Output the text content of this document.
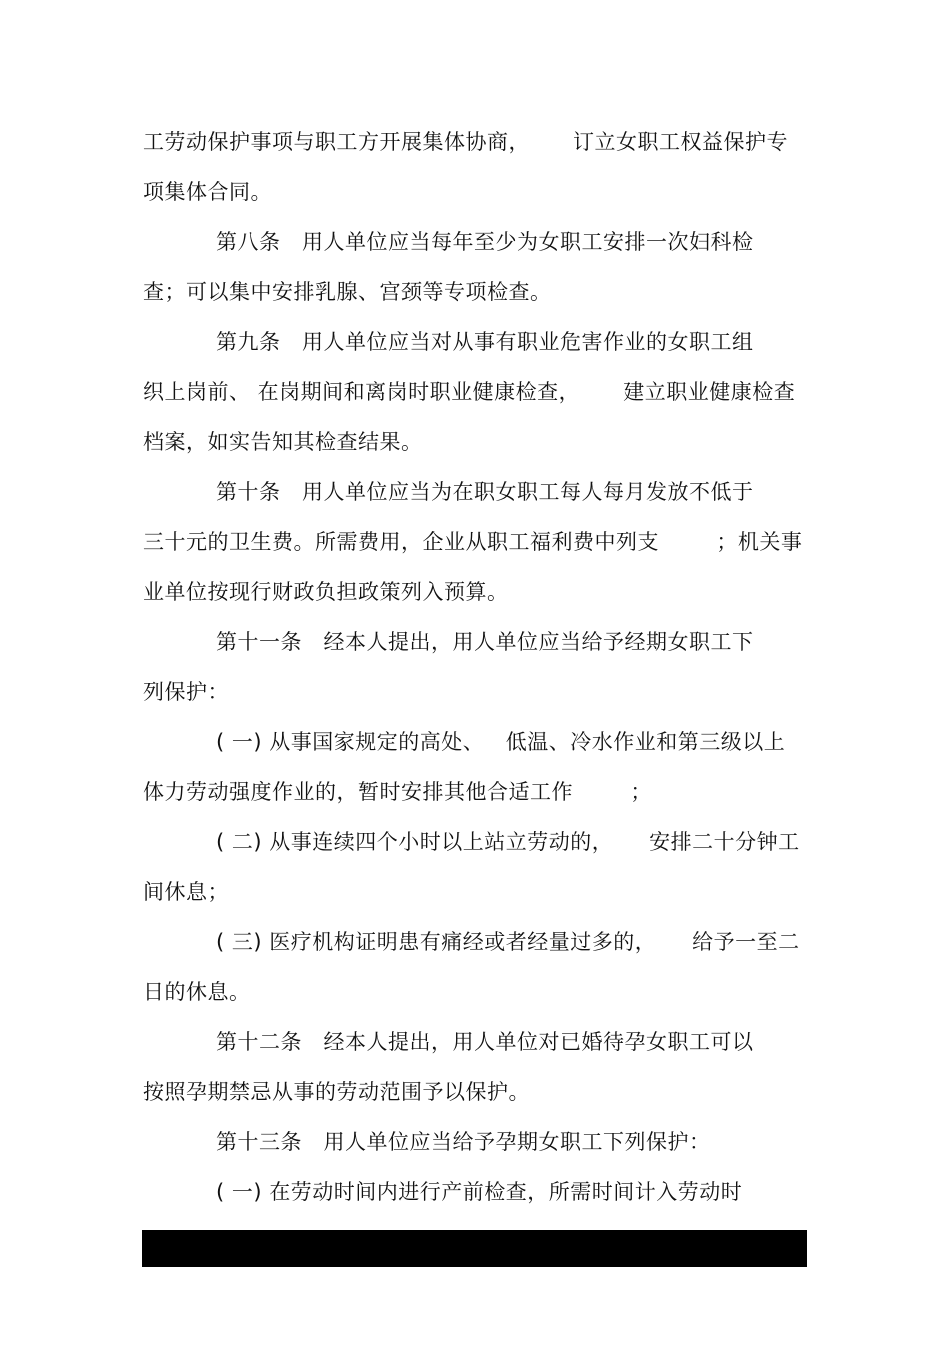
工劳动保护事项与职工方开展集体协商，      订立女职工权益保护专
项集体合同。
第八条   用人单位应当每年至少为女职工安排一次妇科检
查；可以集中安排乳腺、宫颈等专项检查。
第九条   用人单位应当对从事有职业危害作业的女职工组
织上岗前、 在岗期间和离岗时职业健康检查，      建立职业健康检查
档案，如实告知其检查结果。
第十条   用人单位应当为在职女职工每人每月发放不低于
三十元的卫生费。所需费用，企业从职工福利费中列支        ；机关事
业单位按现行财政负担政策列入预算。
第十一条   经本人提出，用人单位应当给予经期女职工下
列保护：
( 一) 从事国家规定的高处、   低温、冷水作业和第三级以上
体力劳动强度作业的，暂时安排其他合适工作        ；
( 二) 从事连续四个小时以上站立劳动的，     安排二十分钟工
间休息；
( 三) 医疗机构证明患有痛经或者经量过多的，     给予一至二
日的休息。
第十二条   经本人提出，用人单位对已婚待孕女职工可以
按照孕期禁忌从事的劳动范围予以保护。
第十三条   用人单位应当给予孕期女职工下列保护：
( 一) 在劳动时间内进行产前检查，所需时间计入劳动时
